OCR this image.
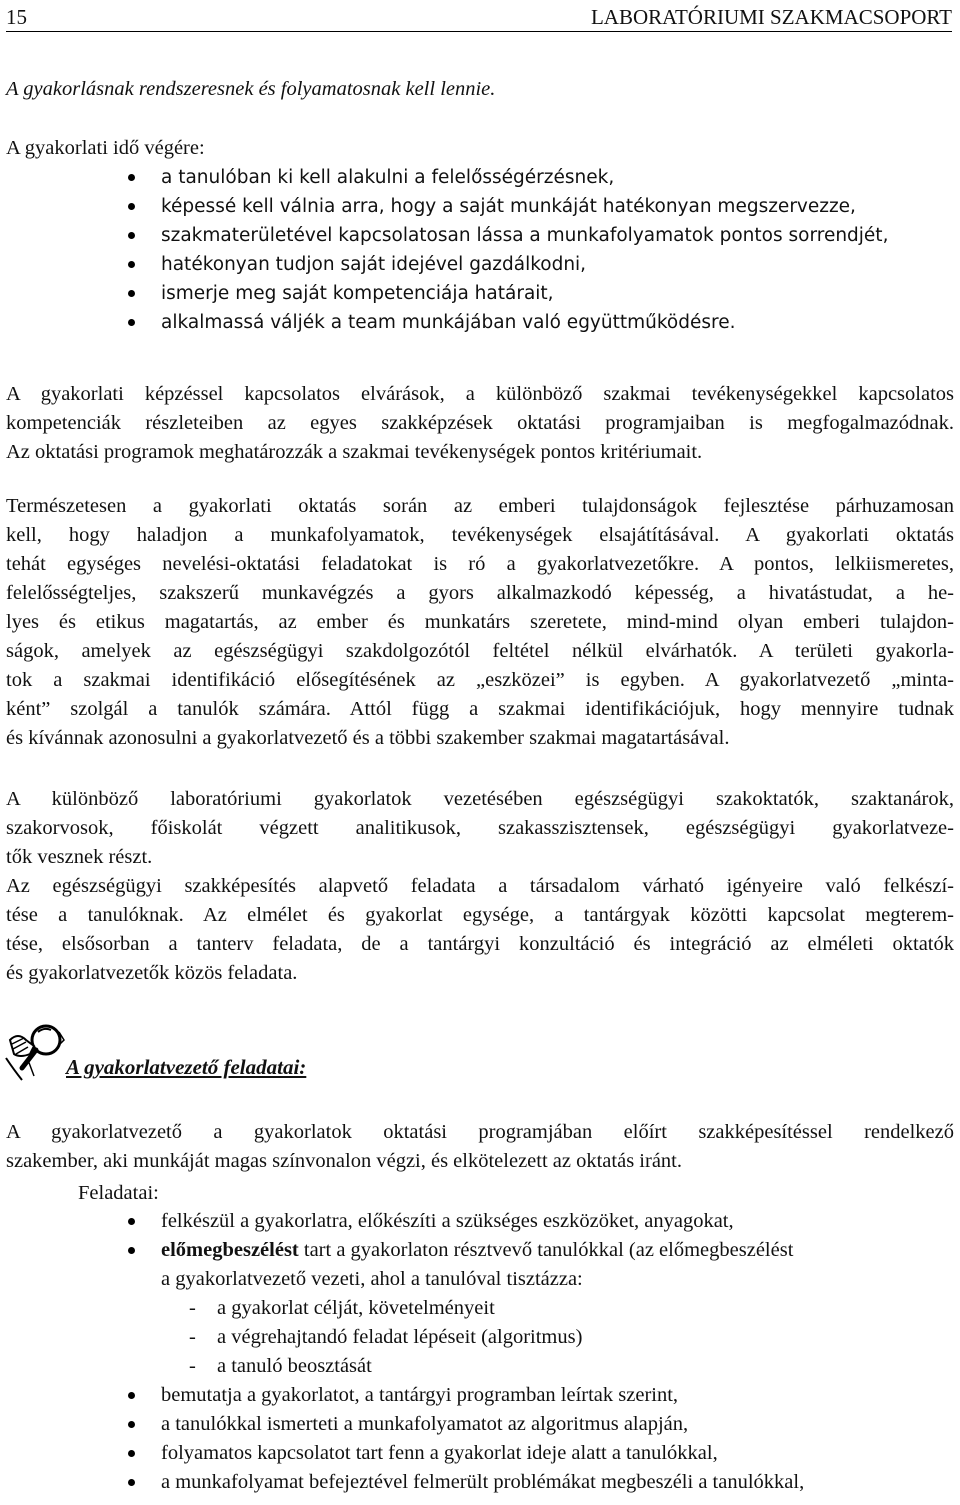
15	LABORATÓRIUMI SZAKMACSOPORT
A gyakorlásnak rendszeresnek és folyamatosnak kell lennie.
A gyakorlati idő végére:
a tanulóban ki kell alakulni a felelősségérzésnek,
képessé kell válnia arra, hogy a saját munkáját hatékonyan megszervezze,
szakmaterületével kapcsolatosan lássa a munkafolyamatok pontos sorrendjét,
hatékonyan tudjon saját idejével gazdálkodni,
ismerje meg saját kompetenciája határait,
alkalmassá váljék a team munkájában való együttműködésre.
A gyakorlati képzéssel kapcsolatos elvárások, a különböző szakmai tevékenységekkel kapcsolatos
kompetenciák részleteiben az egyes szakképzések oktatási programjaiban is megfogalmazódnak.
Az oktatási programok meghatározzák a szakmai tevékenységek pontos kritériumait.
Természetesen a gyakorlati oktatás során az emberi tulajdonságok fejlesztése párhuzamosan
kell, hogy haladjon a munkafolyamatok, tevékenységek elsajátításával. A gyakorlati oktatás
tehát egységes nevelési-oktatási feladatokat is ró a gyakorlatvezetőkre. A pontos, lelkiismeretes,
felelősségteljes, szakszerű munkavégzés a gyors alkalmazkodó képesség, a hivatástudat, a he-
lyes és etikus magatartás, az ember és munkatárs szeretete, mind-mind olyan emberi tulajdon-
ságok, amelyek az egészségügyi szakdolgozótól feltétel nélkül elvárhatók. A területi gyakorla-
tok a szakmai identifikáció elősegítésének az „eszközei” is egyben. A gyakorlatvezető „minta-
ként” szolgál a tanulók számára. Attól függ a szakmai identifikációjuk, hogy mennyire tudnak
és kívánnak azonosulni a gyakorlatvezető és a többi szakember szakmai magatartásával.
A különböző laboratóriumi gyakorlatok vezetésében egészségügyi szakoktatók, szaktanárok,
szakorvosok, főiskolát végzett analitikusok, szakasszisztensek, egészségügyi gyakorlatveze-
tők vesznek részt.
Az egészségügyi szakképesítés alapvető feladata a társadalom várható igényeire való felkészí-
tése a tanulóknak. Az elmélet és gyakorlat egysége, a tantárgyak közötti kapcsolat megterem-
tése, elsősorban a tanterv feladata, de a tantárgyi konzultáció és integráció az elméleti oktatók
és gyakorlatvezetők közös feladata.
A gyakorlatvezető feladatai:
A gyakorlatvezető a gyakorlatok oktatási programjában előírt szakképesítéssel rendelkező
szakember, aki munkáját magas színvonalon végzi, és elkötelezett az oktatás iránt.
Feladatai:
felkészül a gyakorlatra, előkészíti a szükséges eszközöket, anyagokat,
előmegbeszélést tart a gyakorlaton résztvevő tanulókkal (az előmegbeszélést
a gyakorlatvezető vezeti, ahol a tanulóval tisztázza:
- a gyakorlat célját, követelményeit
- a végrehajtandó feladat lépéseit (algoritmus)
- a tanuló beosztását
bemutatja a gyakorlatot, a tantárgyi programban leírtak szerint,
a tanulókkal ismerteti a munkafolyamatot az algoritmus alapján,
folyamatos kapcsolatot tart fenn a gyakorlat ideje alatt a tanulókkal,
a munkafolyamat befejeztével felmerült problémákat megbeszéli a tanulókkal,
